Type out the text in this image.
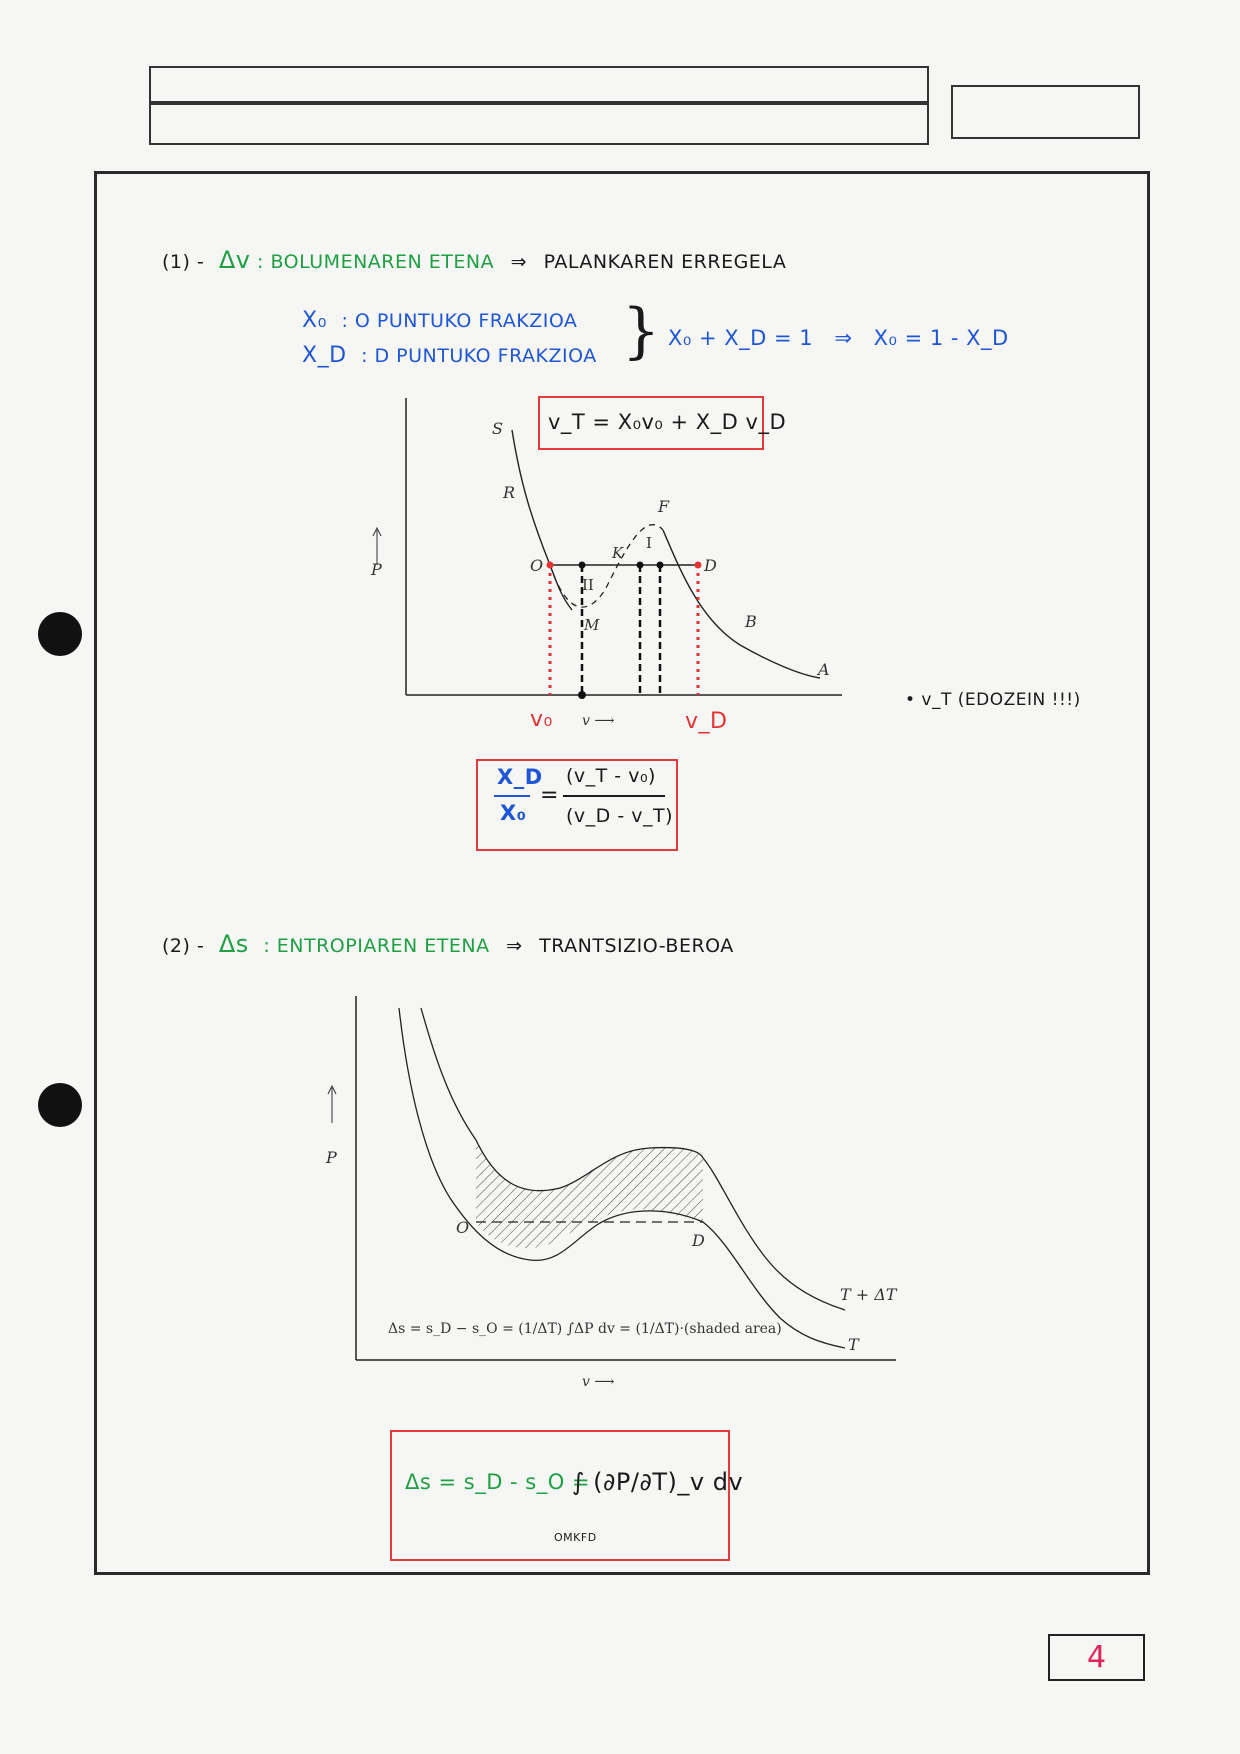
(1) - Δv : BOLUMENAREN ETENA ⇒ PALANKAREN ERREGELA
X₀ : O PUNTUKO FRAKZIOA
X_D : D PUNTUKO FRAKZIOA } X₀ + X_D = 1 ⇒ X₀ = 1 - X_D
P
S
R
F
K
I
O	D
II
M	B
A
v ⟶
v₀	v_D
v_T = X₀v₀ + X_D v_D
• v_T (EDOZEIN !!!)
X_D
X₀
=
(v_T - v₀)
(v_D - v_T)
(2) - Δs : ENTROPIAREN ETENA ⇒ TRANTSIZIO-BEROA
P
O
D
T + ΔT
T
Δs = s_D − s_O = (1/ΔT) ∫ΔP dv = (1/ΔT)·(shaded area)
v ⟶
Δs = s_D - s_O =
∫ (∂P/∂T)_v dv
OMKFD
4
